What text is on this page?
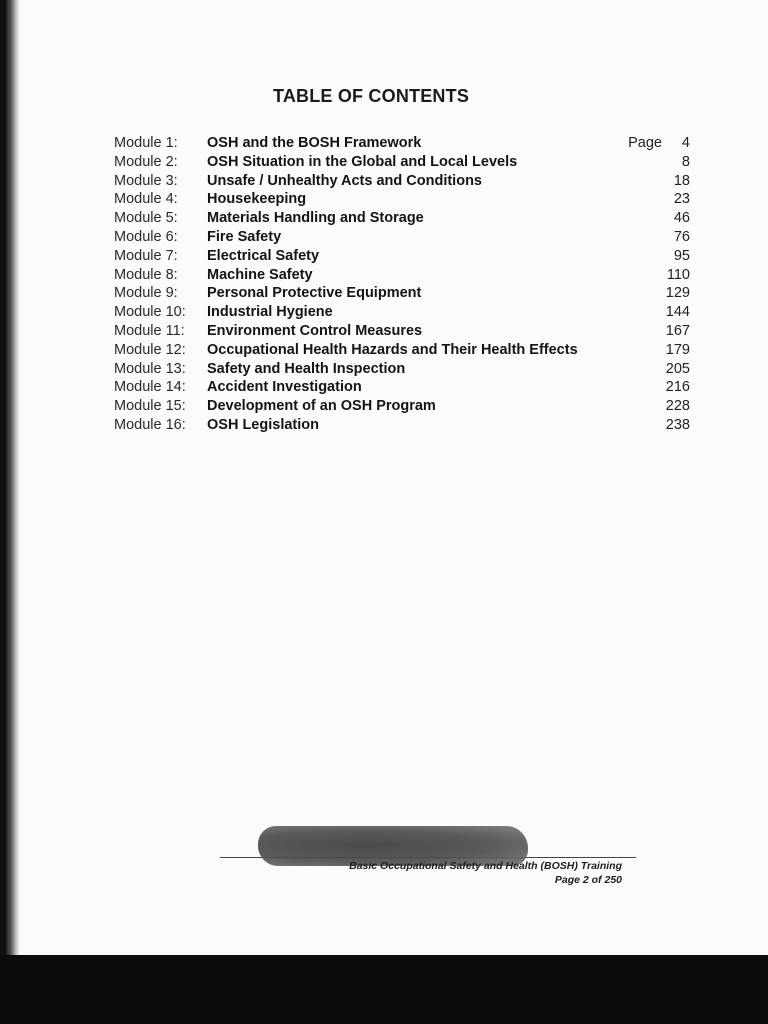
TABLE OF CONTENTS
Module 1:	OSH and the BOSH Framework	Page	4
Module 2:	OSH Situation in the Global and Local Levels	8
Module 3:	Unsafe / Unhealthy Acts and Conditions	18
Module 4:	Housekeeping	23
Module 5:	Materials Handling and Storage	46
Module 6:	Fire Safety	76
Module 7:	Electrical Safety	95
Module 8:	Machine Safety	110
Module 9:	Personal Protective Equipment	129
Module 10:	Industrial Hygiene	144
Module 11:	Environment Control Measures	167
Module 12:	Occupational Health Hazards and Their Health Effects	179
Module 13:	Safety and Health Inspection	205
Module 14:	Accident Investigation	216
Module 15:	Development of an OSH Program	228
Module 16:	OSH Legislation	238
Basic Occupational Safety and Health (BOSH) Training
Page 2 of 250
